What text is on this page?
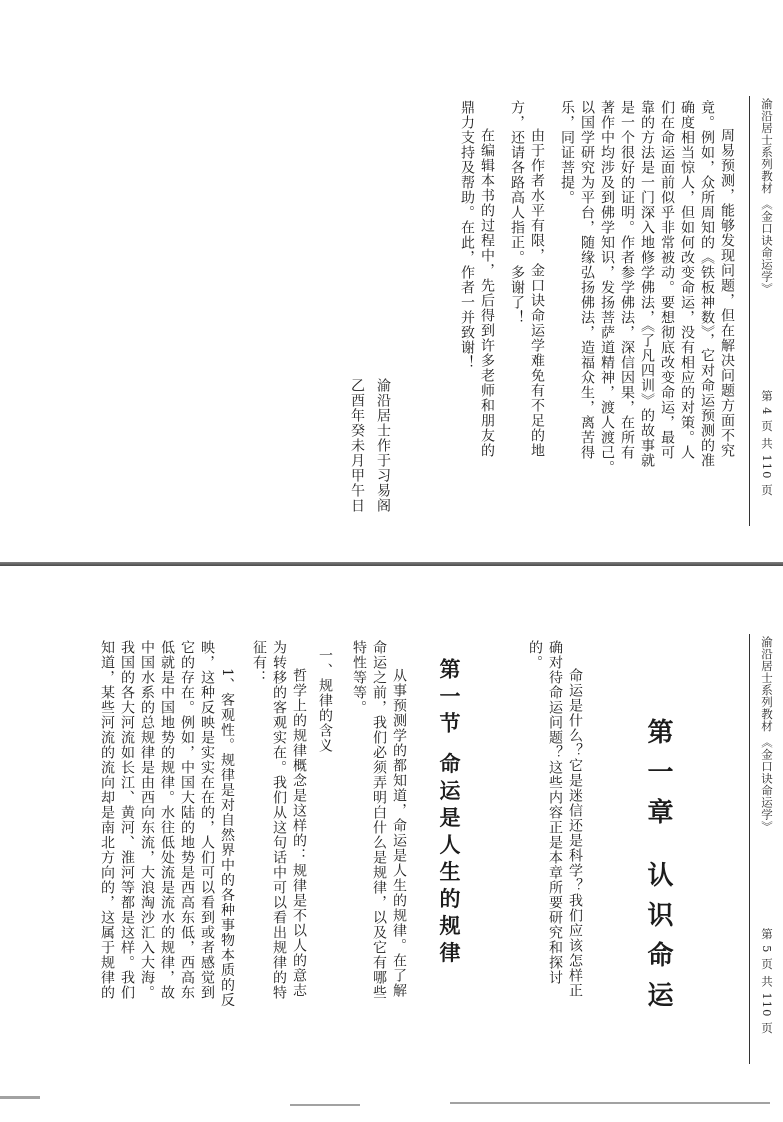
渝沿居士系列教材 《金口诀命运学》
第 4 页 共 110 页
周易预测，能够发现问题，但在解决问题方面不究
竟。例如，众所周知的《铁板神数》，它对命运预测的准
确度相当惊人，但如何改变命运，没有相应的对策。人
们在命运面前似乎非常被动。要想彻底改变命运，最可
靠的方法是一门深入地修学佛法，《了凡四训》的故事就
是一个很好的证明。作者参学佛法，深信因果，在所有
著作中均涉及到佛学知识，发扬菩萨道精神，渡人渡己。
以国学研究为平台，随缘弘扬佛法，造福众生，离苦得
乐，同证菩提。
由于作者水平有限，金口诀命运学难免有不足的地
方，还请各路高人指正。多谢了！
在编辑本书的过程中，先后得到许多老师和朋友的
鼎力支持及帮助。在此，作者一并致谢！
渝沿居士作于习易阁
乙酉年癸未月甲午日
渝沿居士系列教材 《金口诀命运学》
第 5 页 共 110 页
第一章 认识命运
命运是什么？它是迷信还是科学？我们应该怎样正
确对待命运问题？这些内容正是本章所要研究和探讨
的。
第一节 命运是人生的规律
从事预测学的都知道，命运是人生的规律。在了解
命运之前，我们必须弄明白什么是规律，以及它有哪些
特性等等。
一、规律的含义
哲学上的规律概念是这样的：规律是不以人的意志
为转移的客观实在。我们从这句话中可以看出规律的特
征有：
1、客观性。规律是对自然界中的各种事物本质的反
映，这种反映是实实在在的，人们可以看到或者感觉到
它的存在。例如，中国大陆的地势是西高东低，西高东
低就是中国地势的规律。水往低处流是流水的规律，故
中国水系的总规律是由西向东流，大浪淘沙汇入大海。
我国的各大河流如长江、黄河、淮河等都是这样。我们
知道，某些河流的流向却是南北方向的，这属于规律的
